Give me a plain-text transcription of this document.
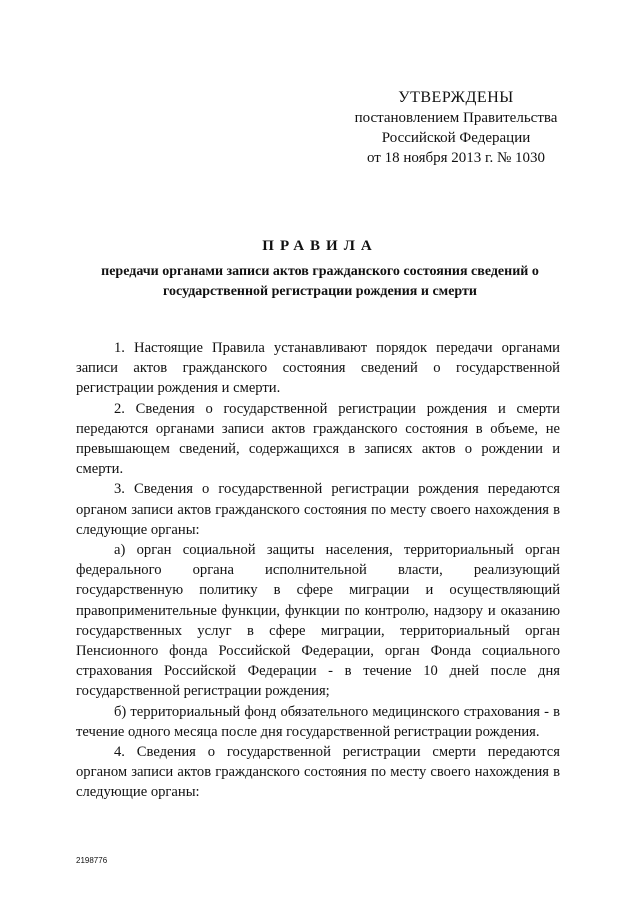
УТВЕРЖДЕНЫ
постановлением Правительства
Российской Федерации
от 18 ноября 2013 г. № 1030
ПРАВИЛА
передачи органами записи актов гражданского состояния сведений о государственной регистрации рождения и смерти

1. Настоящие Правила устанавливают порядок передачи органами записи актов гражданского состояния сведений о государственной регистрации рождения и смерти.

2. Сведения о государственной регистрации рождения и смерти передаются органами записи актов гражданского состояния в объеме, не превышающем сведений, содержащихся в записях актов о рождении и смерти.

3. Сведения о государственной регистрации рождения передаются органом записи актов гражданского состояния по месту своего нахождения в следующие органы:

а) орган социальной защиты населения, территориальный орган федерального органа исполнительной власти, реализующий государственную политику в сфере миграции и осуществляющий правоприменительные функции, функции по контролю, надзору и оказанию государственных услуг в сфере миграции, территориальный орган Пенсионного фонда Российской Федерации, орган Фонда социального страхования Российской Федерации - в течение 10 дней после дня государственной регистрации рождения;

б) территориальный фонд обязательного медицинского страхования - в течение одного месяца после дня государственной регистрации рождения.

4. Сведения о государственной регистрации смерти передаются органом записи актов гражданского состояния по месту своего нахождения в следующие органы:

2198776
